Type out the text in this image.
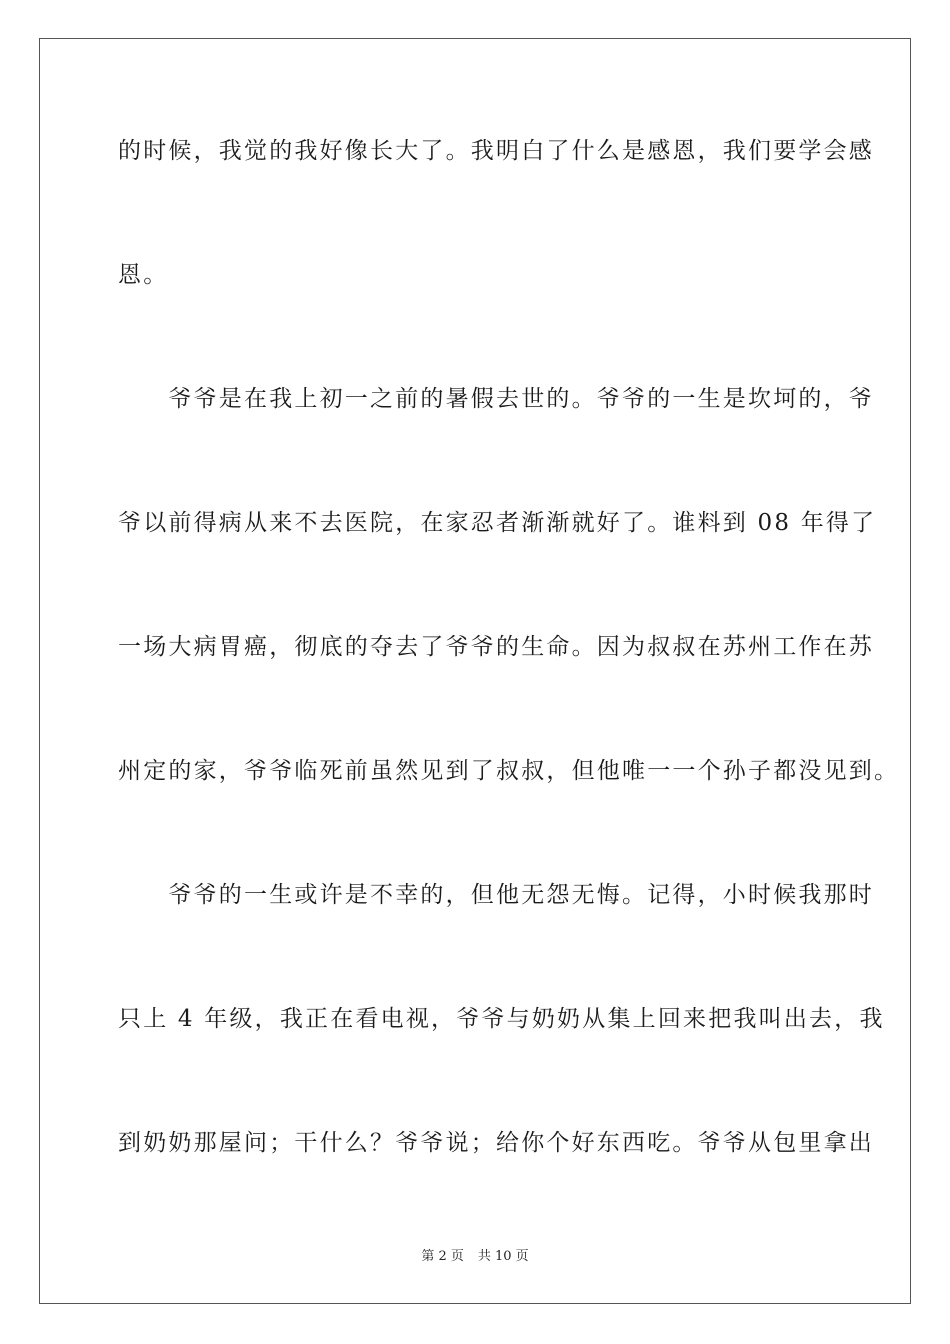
的时候，我觉的我好像长大了。我明白了什么是感恩，我们要学会感
恩。
　　爷爷是在我上初一之前的暑假去世的。爷爷的一生是坎坷的，爷
爷以前得病从来不去医院，在家忍者渐渐就好了。谁料到 08 年得了
一场大病胃癌，彻底的夺去了爷爷的生命。因为叔叔在苏州工作在苏
州定的家，爷爷临死前虽然见到了叔叔，但他唯一一个孙子都没见到。
　　爷爷的一生或许是不幸的，但他无怨无悔。记得，小时候我那时
只上 4 年级，我正在看电视，爷爷与奶奶从集上回来把我叫出去，我
到奶奶那屋问；干什么？爷爷说；给你个好东西吃。爷爷从包里拿出
第 2 页 共 10 页
